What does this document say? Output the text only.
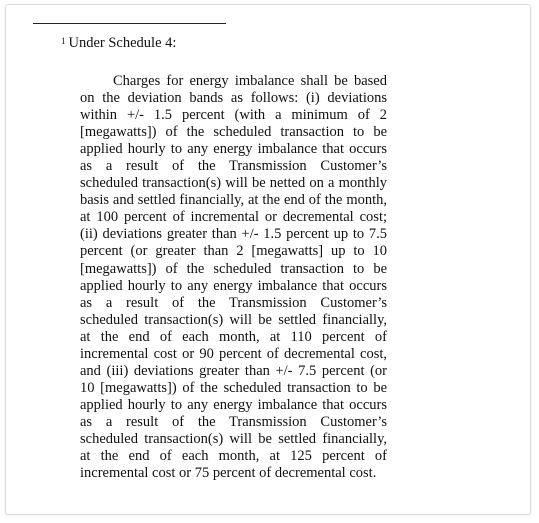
$^1$ Under Schedule 4:

Charges for energy imbalance shall be based on the deviation bands as follows: (i) deviations within +/- 1.5 percent (with a minimum of 2 [megawatts]) of the scheduled transaction to be applied hourly to any energy imbalance that occurs as a result of the Transmission Customer’s scheduled transaction(s) will be netted on a monthly basis and settled financially, at the end of the month, at 100 percent of incremental or decremental cost; (ii) deviations greater than +/- 1.5 percent up to 7.5 percent (or greater than 2 [megawatts] up to 10 [megawatts]) of the scheduled transaction to be applied hourly to any energy imbalance that occurs as a result of the Transmission Customer’s scheduled transaction(s) will be settled financially, at the end of each month, at 110 percent of incremental cost or 90 percent of decremental cost, and (iii) deviations greater than +/- 7.5 percent (or 10 [megawatts]) of the scheduled transaction to be applied hourly to any energy imbalance that occurs as a result of the Transmission Customer’s scheduled transaction(s) will be settled financially, at the end of each month, at 125 percent of incremental cost or 75 percent of decremental cost.
